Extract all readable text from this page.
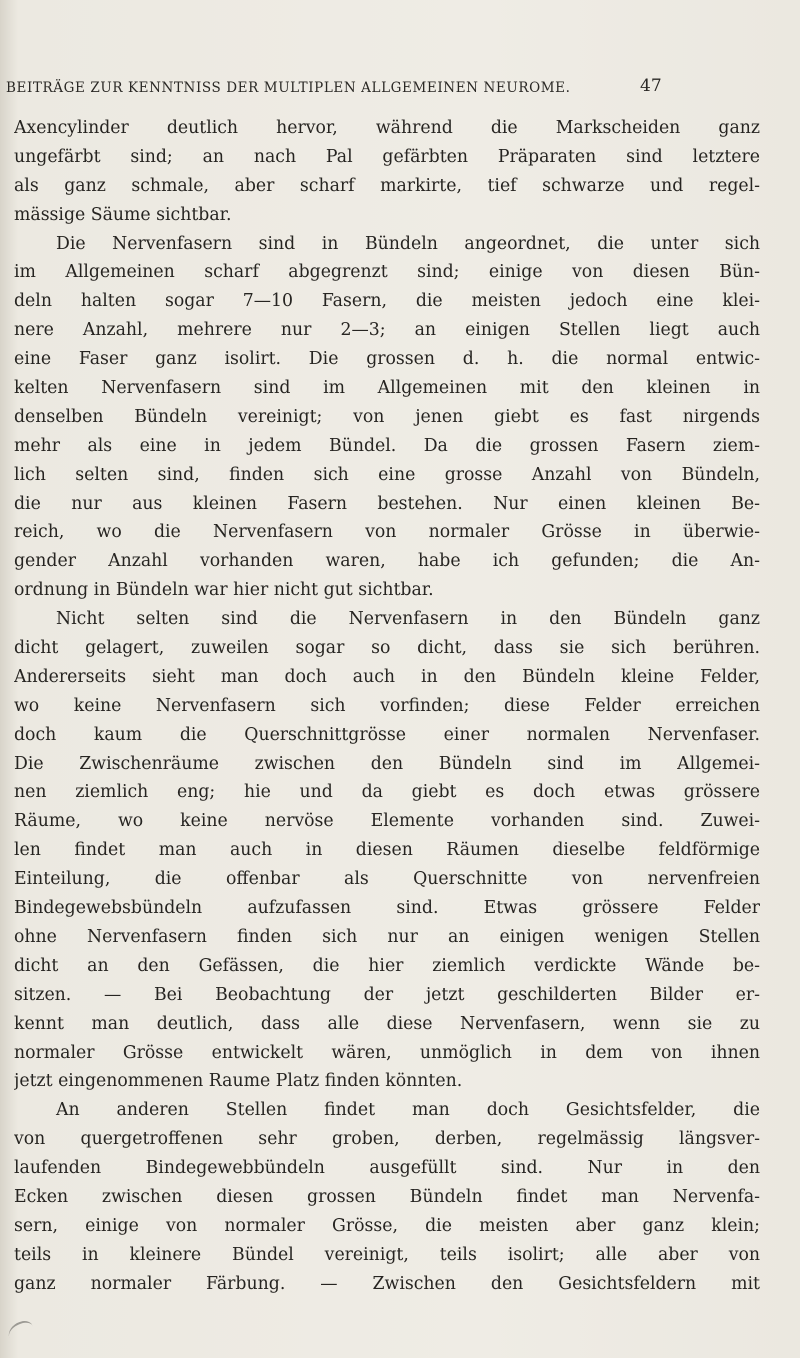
BEITRÄGE ZUR KENNTNISS DER MULTIPLEN ALLGEMEINEN NEUROME.	47
Axencylinder deutlich hervor, während die Markscheiden ganz
ungefärbt sind; an nach Pal gefärbten Präparaten sind letztere
als ganz schmale, aber scharf markirte, tief schwarze und regel-
mässige Säume sichtbar.
Die Nervenfasern sind in Bündeln angeordnet, die unter sich
im Allgemeinen scharf abgegrenzt sind; einige von diesen Bün-
deln halten sogar 7—10 Fasern, die meisten jedoch eine klei-
nere Anzahl, mehrere nur 2—3; an einigen Stellen liegt auch
eine Faser ganz isolirt. Die grossen d. h. die normal entwic-
kelten Nervenfasern sind im Allgemeinen mit den kleinen in
denselben Bündeln vereinigt; von jenen giebt es fast nirgends
mehr als eine in jedem Bündel. Da die grossen Fasern ziem-
lich selten sind, finden sich eine grosse Anzahl von Bündeln,
die nur aus kleinen Fasern bestehen. Nur einen kleinen Be-
reich, wo die Nervenfasern von normaler Grösse in überwie-
gender Anzahl vorhanden waren, habe ich gefunden; die An-
ordnung in Bündeln war hier nicht gut sichtbar.
Nicht selten sind die Nervenfasern in den Bündeln ganz
dicht gelagert, zuweilen sogar so dicht, dass sie sich berühren.
Andererseits sieht man doch auch in den Bündeln kleine Felder,
wo keine Nervenfasern sich vorfinden; diese Felder erreichen
doch kaum die Querschnittgrösse einer normalen Nervenfaser.
Die Zwischenräume zwischen den Bündeln sind im Allgemei-
nen ziemlich eng; hie und da giebt es doch etwas grössere
Räume, wo keine nervöse Elemente vorhanden sind. Zuwei-
len findet man auch in diesen Räumen dieselbe feldförmige
Einteilung, die offenbar als Querschnitte von nervenfreien
Bindegewebsbündeln aufzufassen sind. Etwas grössere Felder
ohne Nervenfasern finden sich nur an einigen wenigen Stellen
dicht an den Gefässen, die hier ziemlich verdickte Wände be-
sitzen. — Bei Beobachtung der jetzt geschilderten Bilder er-
kennt man deutlich, dass alle diese Nervenfasern, wenn sie zu
normaler Grösse entwickelt wären, unmöglich in dem von ihnen
jetzt eingenommenen Raume Platz finden könnten.
An anderen Stellen findet man doch Gesichtsfelder, die
von quergetroffenen sehr groben, derben, regelmässig längsver-
laufenden Bindegewebbündeln ausgefüllt sind. Nur in den
Ecken zwischen diesen grossen Bündeln findet man Nervenfa-
sern, einige von normaler Grösse, die meisten aber ganz klein;
teils in kleinere Bündel vereinigt, teils isolirt; alle aber von
ganz normaler Färbung. — Zwischen den Gesichtsfeldern mit
